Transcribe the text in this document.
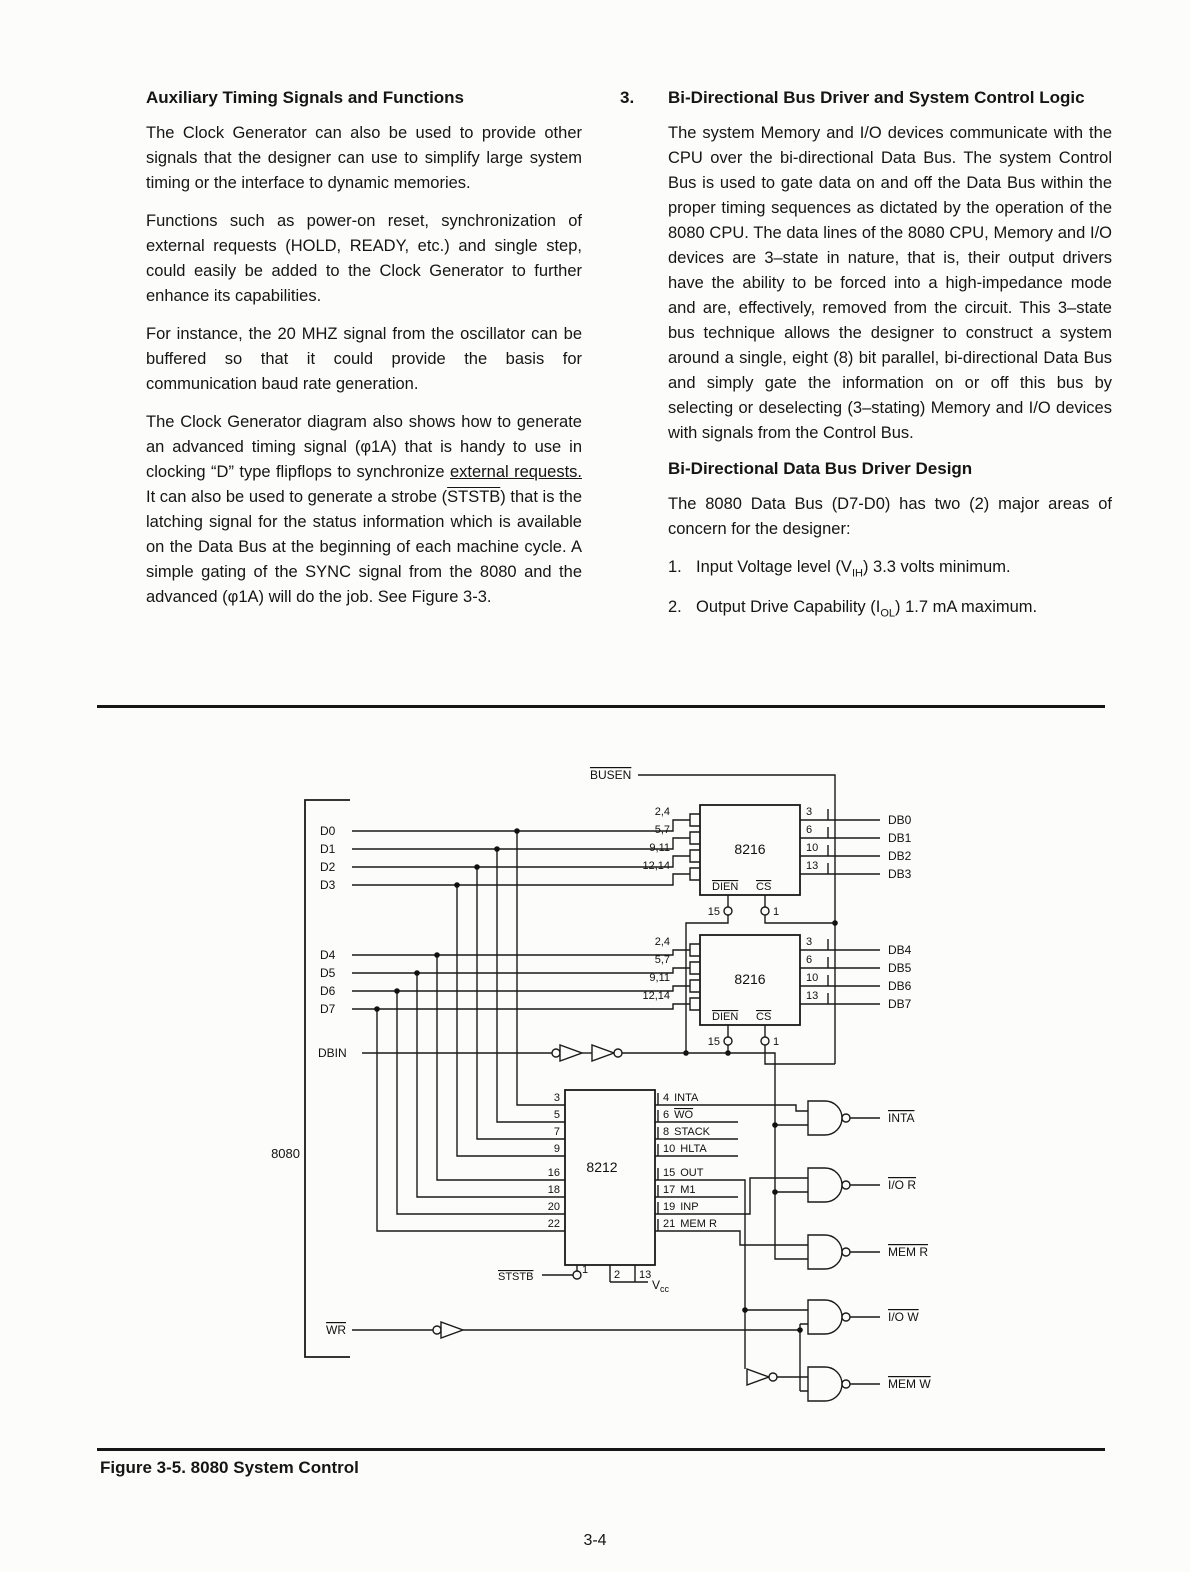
Auxiliary Timing Signals and Functions

The Clock Generator can also be used to provide other signals that the designer can use to simplify large system timing or the interface to dynamic memories.

Functions such as power-on reset, synchronization of external requests (HOLD, READY, etc.) and single step, could easily be added to the Clock Generator to further enhance its capabilities.

For instance, the 20 MHZ signal from the oscillator can be buffered so that it could provide the basis for communication baud rate generation.

The Clock Generator diagram also shows how to generate an advanced timing signal (φ1A) that is handy to use in clocking “D” type flipflops to synchronize external requests. It can also be used to generate a strobe (STSTB) that is the latching signal for the status information which is available on the Data Bus at the beginning of each machine cycle. A simple gating of the SYNC signal from the 8080 and the advanced (φ1A) will do the job. See Figure 3-3.

3. Bi-Directional Bus Driver and System Control Logic

The system Memory and I/O devices communicate with the CPU over the bi-directional Data Bus. The system Control Bus is used to gate data on and off the Data Bus within the proper timing sequences as dictated by the operation of the 8080 CPU. The data lines of the 8080 CPU, Memory and I/O devices are 3–state in nature, that is, their output drivers have the ability to be forced into a high-impedance mode and are, effectively, removed from the circuit. This 3–state bus technique allows the designer to construct a system around a single, eight (8) bit parallel, bi-directional Data Bus and simply gate the information on or off this bus by selecting or deselecting (3–stating) Memory and I/O devices with signals from the Control Bus.

Bi-Directional Data Bus Driver Design

The 8080 Data Bus (D7-D0) has two (2) major areas of concern for the designer:

1. Input Voltage level $(V_{IH})$ 3.3 volts minimum.
2. Output Drive Capability $(I_{OL})$ 1.7 mA maximum.
8080
D0
D1
D2
D3
D4
D5
D6
D7
BUSEN
8216
2,4
5,7
9,11
12,14
3
6
10
13
DB0
DB1
DB2
DB3
DIEN CS
15	1
8216
2,4
5,7
9,11
12,14
3
6
10
13
DB4
DB5
DB6
DB7
DIEN CS
15	1
DBIN
8212
3
5
7
9
16
18
20
22
4 INTA
6 WO
8 STACK
10 HLTA
15 OUT
17 M1
19 INP
21 MEM R
STSTB
1 2 13
$V_{cc}$
WR
INTA
I/O R
MEM R
I/O W
MEM W
Figure 3-5. 8080 System Control
3-4
